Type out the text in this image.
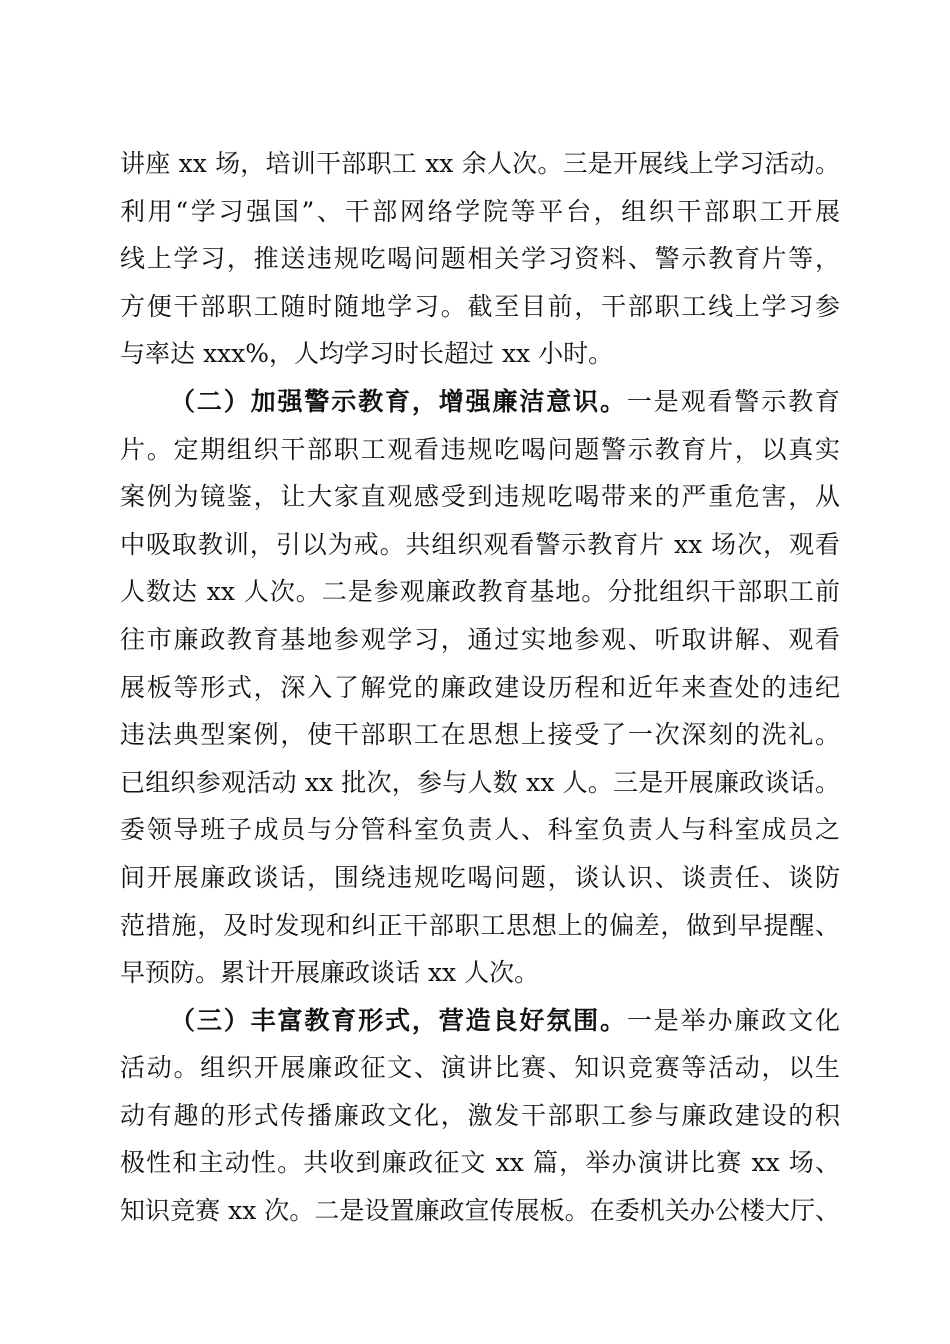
讲座 xx 场，培训干部职工 xx 余人次。三是开展线上学习活动。
利用“学习强国”、干部网络学院等平台，组织干部职工开展
线上学习，推送违规吃喝问题相关学习资料、警示教育片等，
方便干部职工随时随地学习。截至目前，干部职工线上学习参
与率达 xxx%，人均学习时长超过 xx 小时。
（二）加强警示教育，增强廉洁意识。一是观看警示教育
片。定期组织干部职工观看违规吃喝问题警示教育片，以真实
案例为镜鉴，让大家直观感受到违规吃喝带来的严重危害，从
中吸取教训，引以为戒。共组织观看警示教育片 xx 场次，观看
人数达 xx 人次。二是参观廉政教育基地。分批组织干部职工前
往市廉政教育基地参观学习，通过实地参观、听取讲解、观看
展板等形式，深入了解党的廉政建设历程和近年来查处的违纪
违法典型案例，使干部职工在思想上接受了一次深刻的洗礼。
已组织参观活动 xx 批次，参与人数 xx 人。三是开展廉政谈话。
委领导班子成员与分管科室负责人、科室负责人与科室成员之
间开展廉政谈话，围绕违规吃喝问题，谈认识、谈责任、谈防
范措施，及时发现和纠正干部职工思想上的偏差，做到早提醒、
早预防。累计开展廉政谈话 xx 人次。
（三）丰富教育形式，营造良好氛围。一是举办廉政文化
活动。组织开展廉政征文、演讲比赛、知识竞赛等活动，以生
动有趣的形式传播廉政文化，激发干部职工参与廉政建设的积
极性和主动性。共收到廉政征文 xx 篇，举办演讲比赛 xx 场、
知识竞赛 xx 次。二是设置廉政宣传展板。在委机关办公楼大厅、
